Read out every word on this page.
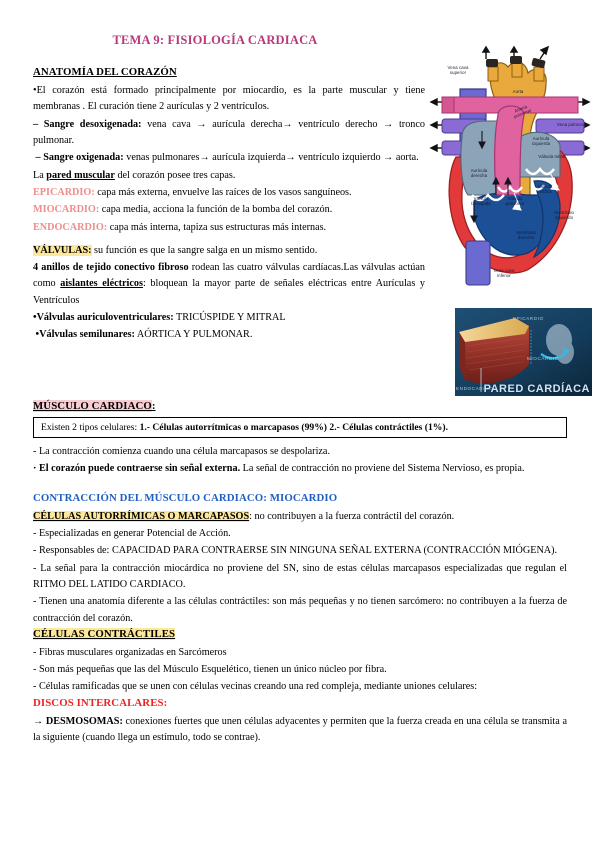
TEMA 9: FISIOLOGÍA CARDIACA
Vena cava superior
Aorta
Arteria pulmonar
Vena pulmonar
Aurícula izquierda
Válvula mitral
Aurícula derecha
Válvula tricúspide
Válvula pulmonar
Válvula aórtica
Ventrículo izquierdo
Ventrículo derecho
Vena cava inferior
EPICARDIO
MIOCARDIO
ENDOCARDIO
PARED CARDÍACA
ANATOMÍA DEL CORAZÓN

•El corazón está formado principalmente por miocardio, es la parte muscular y tiene membranas . El curación tiene 2 aurículas y 2 ventrículos.

– Sangre desoxigenada: vena cava → aurícula derecha→ ventrículo derecho → tronco pulmonar.

– Sangre oxigenada: venas pulmonares→ aurícula izquierda→ ventrículo izquierdo → aorta.

La pared muscular del corazón posee tres capas.

EPICARDIO: capa más externa, envuelve las raíces de los vasos sanguíneos.

MIOCARDIO: capa media, acciona la función de la bomba del corazón.

ENDOCARDIO: capa más interna, tapiza sus estructuras más internas.

VÁLVULAS: su función es que la sangre salga en un mismo sentido.

4 anillos de tejido conectivo fibroso rodean las cuatro válvulas cardíacas.Las válvulas actúan como aislantes eléctricos: bloquean la mayor parte de señales eléctricas entre Aurículas y Ventrículos

•Válvulas auriculoventriculares: TRICÚSPIDE Y MITRAL

•Válvulas semilunares: AÓRTICA Y PULMONAR.

MÚSCULO CARDIACO:
Existen 2 tipos celulares: 1.- Células autorrítmicas o marcapasos (99%) 2.- Células contráctiles (1%).

- La contracción comienza cuando una célula marcapasos se despolariza.

· El corazón puede contraerse sin señal externa. La señal de contracción no proviene del Sistema Nervioso, es propia.

CONTRACCIÓN DEL MÚSCULO CARDIACO: MIOCARDIO

CÉLULAS AUTORRÍMICAS O MARCAPASOS: no contribuyen a la fuerza contráctil del corazón.

- Especializadas en generar Potencial de Acción.

- Responsables de: CAPACIDAD PARA CONTRAERSE SIN NINGUNA SEÑAL EXTERNA (CONTRACCIÓN MIÓGENA).

- La señal para la contracción miocárdica no proviene del SN, sino de estas células marcapasos especializadas que regulan el RITMO DEL LATIDO CARDIACO.

- Tienen una anatomía diferente a las células contráctiles: son más pequeñas y no tienen sarcómero: no contribuyen a la fuerza de contracción del corazón.

CÉLULAS CONTRÁCTILES

- Fibras musculares organizadas en Sarcómeros

- Son más pequeñas que las del Músculo Esquelético, tienen un único núcleo por fibra.

- Células ramificadas que se unen con células vecinas creando una red compleja, mediante uniones celulares:

DISCOS INTERCALARES:

→ DESMOSOMAS: conexiones fuertes que unen células adyacentes y permiten que la fuerza creada en una célula se transmita a la siguiente (cuando llega un estímulo, todo se contrae).
